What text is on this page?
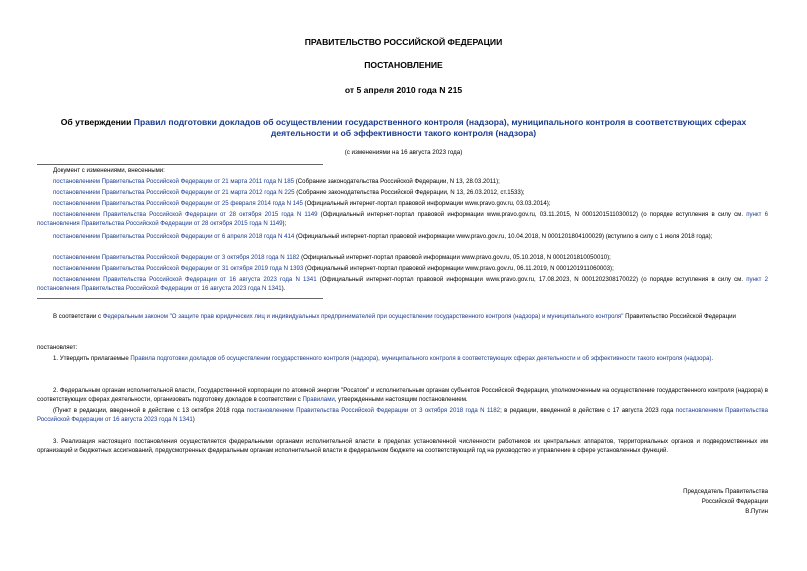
ПРАВИТЕЛЬСТВО РОССИЙСКОЙ ФЕДЕРАЦИИ
ПОСТАНОВЛЕНИЕ
от 5 апреля 2010 года N 215
Об утверждении Правил подготовки докладов об осуществлении государственного контроля (надзора), муниципального контроля в соответствующих сферах деятельности и об эффективности такого контроля (надзора)
(с изменениями на 16 августа 2023 года)
Документ с изменениями, внесенными:
постановлением Правительства Российской Федерации от 21 марта 2011 года N 185 (Собрание законодательства Российской Федерации, N 13, 28.03.2011);
постановлением Правительства Российской Федерации от 21 марта 2012 года N 225 (Собрание законодательства Российской Федерации, N 13, 26.03.2012, ст.1533);
постановлением Правительства Российской Федерации от 25 февраля 2014 года N 145 (Официальный интернет-портал правовой информации www.pravo.gov.ru, 03.03.2014);
постановлением Правительства Российской Федерации от 28 октября 2015 года N 1149 (Официальный интернет-портал правовой информации www.pravo.gov.ru, 03.11.2015, N 0001201511030012) (о порядке вступления в силу см. пункт 6 постановления Правительства Российской Федерации от 28 октября 2015 года N 1149);
постановлением Правительства Российской Федерации от 6 апреля 2018 года N 414 (Официальный интернет-портал правовой информации www.pravo.gov.ru, 10.04.2018, N 0001201804100029) (вступило в силу с 1 июля 2018 года);
постановлением Правительства Российской Федерации от 3 октября 2018 года N 1182 (Официальный интернет-портал правовой информации www.pravo.gov.ru, 05.10.2018, N 0001201810050010);
постановлением Правительства Российской Федерации от 31 октября 2019 года N 1393 (Официальный интернет-портал правовой информации www.pravo.gov.ru, 06.11.2019, N 0001201911060003);
постановлением Правительства Российской Федерации от 16 августа 2023 года N 1341 (Официальный интернет-портал правовой информации www.pravo.gov.ru, 17.08.2023, N 0001202308170022) (о порядке вступления в силу см. пункт 2 постановления Правительства Российской Федерации от 16 августа 2023 года N 1341).
В соответствии с Федеральным законом "О защите прав юридических лиц и индивидуальных предпринимателей при осуществлении государственного контроля (надзора) и муниципального контроля" Правительство Российской Федерации
постановляет:
1. Утвердить прилагаемые Правила подготовки докладов об осуществлении государственного контроля (надзора), муниципального контроля в соответствующих сферах деятельности и об эффективности такого контроля (надзора).
2. Федеральным органам исполнительной власти, Государственной корпорации по атомной энергии "Росатом" и исполнительным органам субъектов Российской Федерации, уполномоченным на осуществление государственного контроля (надзора) в соответствующих сферах деятельности, организовать подготовку докладов в соответствии с Правилами, утвержденными настоящим постановлением.
(Пункт в редакции, введенной в действие с 13 октября 2018 года постановлением Правительства Российской Федерации от 3 октября 2018 года N 1182; в редакции, введенной в действие с 17 августа 2023 года постановлением Правительства Российской Федерации от 16 августа 2023 года N 1341)
3. Реализация настоящего постановления осуществляется федеральными органами исполнительной власти в пределах установленной численности работников их центральных аппаратов, территориальных органов и подведомственных им организаций и бюджетных ассигнований, предусмотренных федеральным органам исполнительной власти в федеральном бюджете на соответствующий год на руководство и управление в сфере установленных функций.
Председатель Правительства
Российской Федерации
В.Путин
